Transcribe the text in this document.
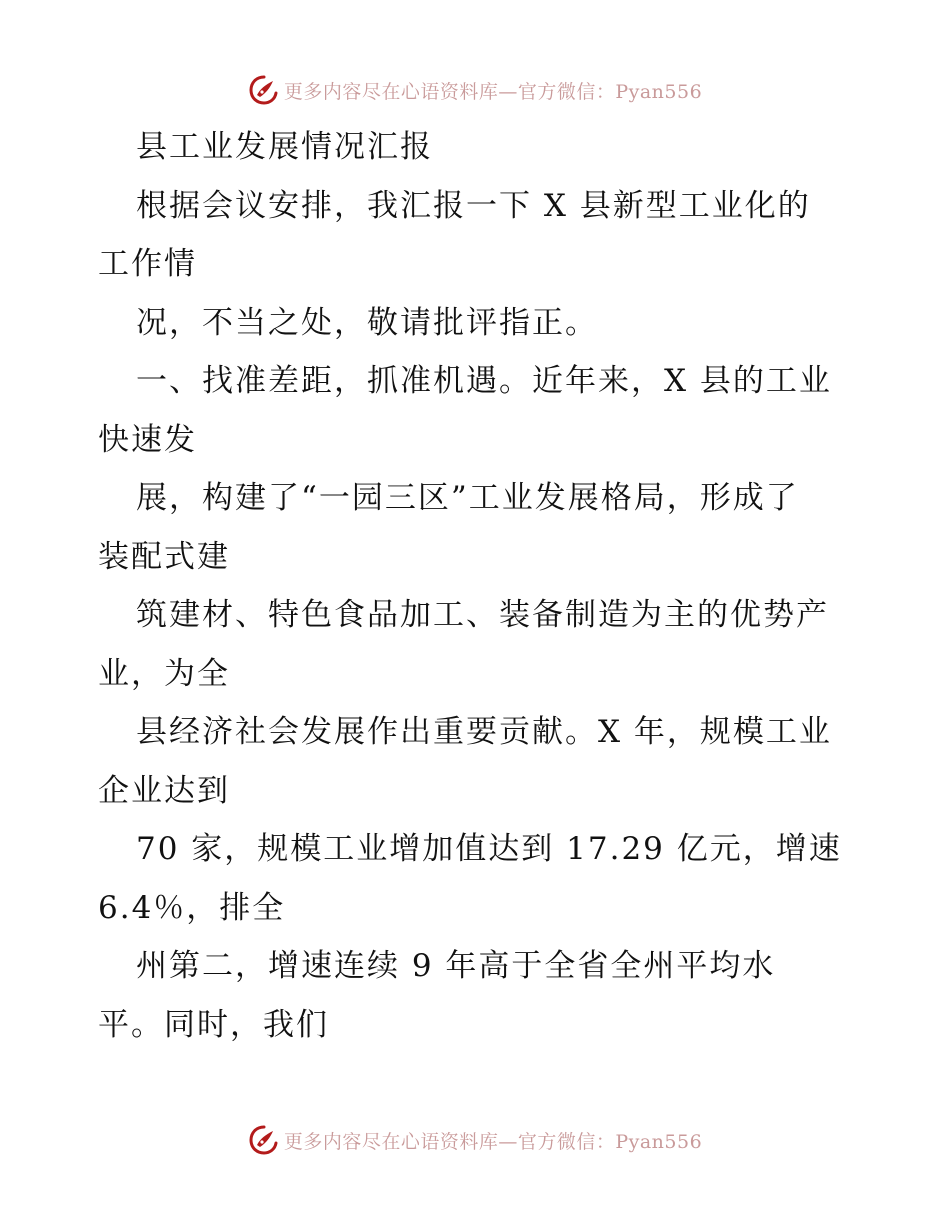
更多内容尽在心语资料库—官方微信：Pyan556
县工业发展情况汇报
根据会议安排，我汇报一下 X 县新型工业化的
工作情
况，不当之处，敬请批评指正。
一、找准差距，抓准机遇。近年来，X 县的工业
快速发
展，构建了“一园三区”工业发展格局，形成了
装配式建
筑建材、特色食品加工、装备制造为主的优势产
业，为全
县经济社会发展作出重要贡献。X 年，规模工业
企业达到
70 家，规模工业增加值达到 17.29 亿元，增速
6.4％，排全
州第二，增速连续 9 年高于全省全州平均水
平。同时，我们
更多内容尽在心语资料库—官方微信：Pyan556
